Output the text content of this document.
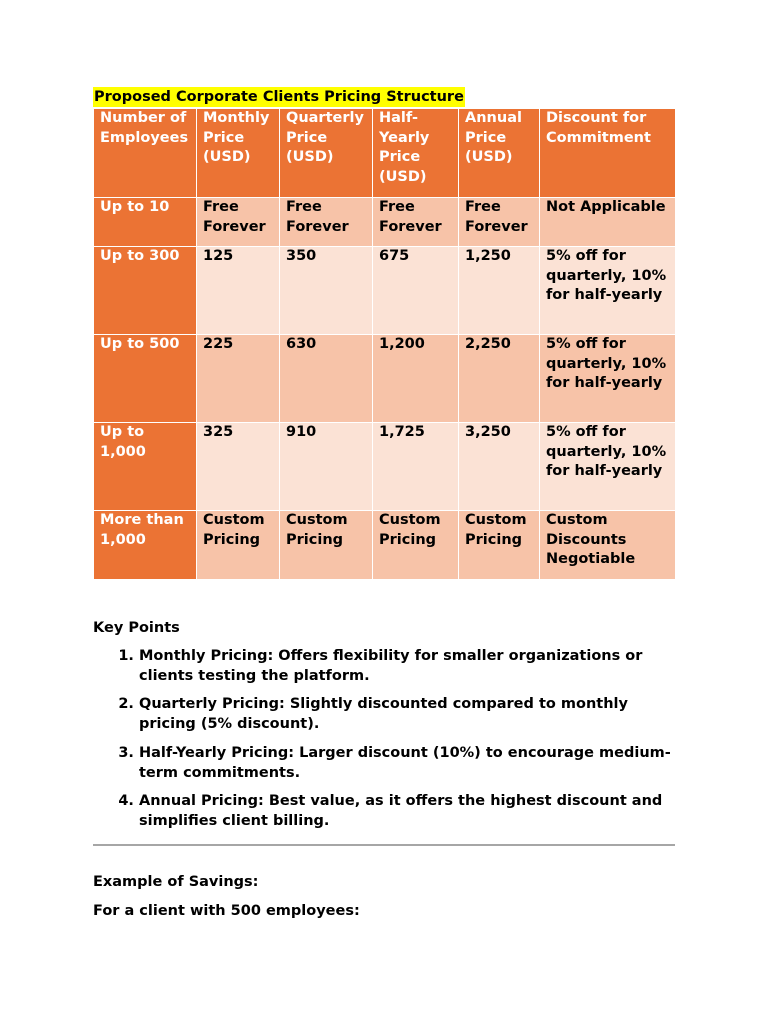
Proposed Corporate Clients Pricing Structure
Number of Employees	Monthly Price (USD)	Quarterly Price (USD)	Half-Yearly Price (USD)	Annual Price (USD)	Discount for Commitment
Up to 10	Free Forever	Free Forever	Free Forever	Free Forever	Not Applicable
Up to 300	125	350	675	1,250	5% off for quarterly, 10% for half-yearly
Up to 500	225	630	1,200	2,250	5% off for quarterly, 10% for half-yearly
Up to 1,000	325	910	1,725	3,250	5% off for quarterly, 10% for half-yearly
More than 1,000	Custom Pricing	Custom Pricing	Custom Pricing	Custom Pricing	Custom Discounts Negotiable
Key Points
1. Monthly Pricing: Offers flexibility for smaller organizations or clients testing the platform.
2. Quarterly Pricing: Slightly discounted compared to monthly pricing (5% discount).
3. Half-Yearly Pricing: Larger discount (10%) to encourage medium-term commitments.
4. Annual Pricing: Best value, as it offers the highest discount and simplifies client billing.
Example of Savings:
For a client with 500 employees:
